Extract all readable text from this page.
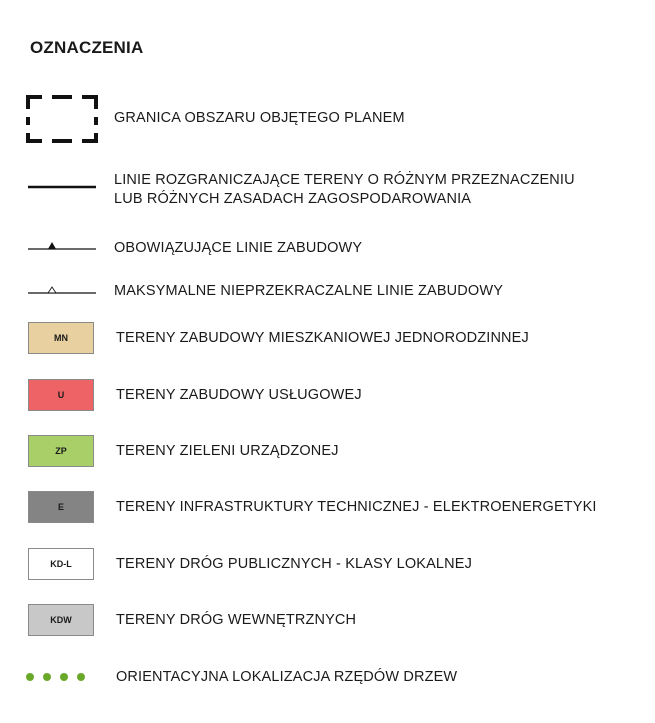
OZNACZENIA
GRANICA OBSZARU OBJĘTEGO PLANEM
LINIE ROZGRANICZAJĄCE TERENY O RÓŻNYM PRZEZNACZENIU
LUB RÓŻNYCH ZASADACH ZAGOSPODAROWANIA
OBOWIĄZUJĄCE LINIE ZABUDOWY
MAKSYMALNE NIEPRZEKRACZALNE LINIE ZABUDOWY
MN	TERENY ZABUDOWY MIESZKANIOWEJ JEDNORODZINNEJ
U	TERENY ZABUDOWY USŁUGOWEJ
ZP	TERENY ZIELENI URZĄDZONEJ
E	TERENY INFRASTRUKTURY TECHNICZNEJ - ELEKTROENERGETYKI
KD-L	TERENY DRÓG PUBLICZNYCH - KLASY LOKALNEJ
KDW	TERENY DRÓG WEWNĘTRZNYCH
ORIENTACYJNA LOKALIZACJA RZĘDÓW DRZEW
